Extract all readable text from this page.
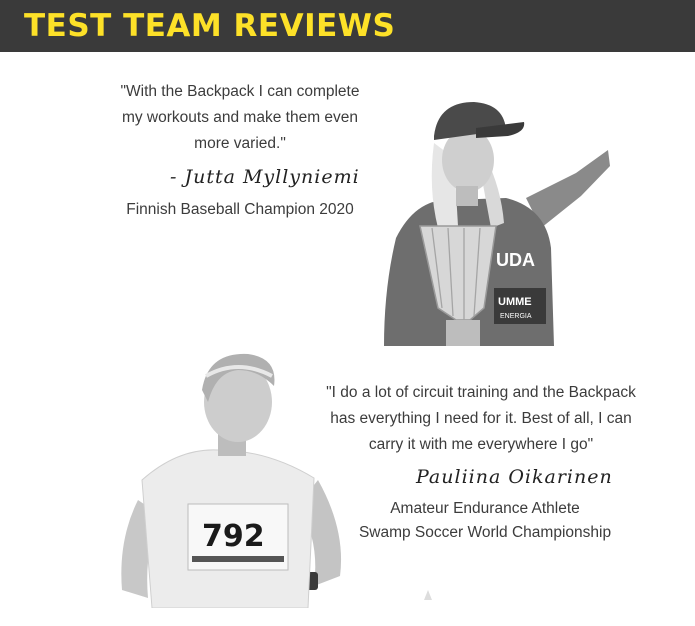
TEST TEAM REVIEWS
"With the Backpack I can complete
my workouts and make them even
more varied."
- Jutta Myllyniemi
Finnish Baseball Champion 2020
UDA
UMME
ENERGIA
"I do a lot of circuit training and the Backpack
has everything I need for it. Best of all, I can
carry it with me everywhere I go"
Pauliina Oikarinen
Amateur Endurance Athlete
Swamp Soccer World Championship
792
